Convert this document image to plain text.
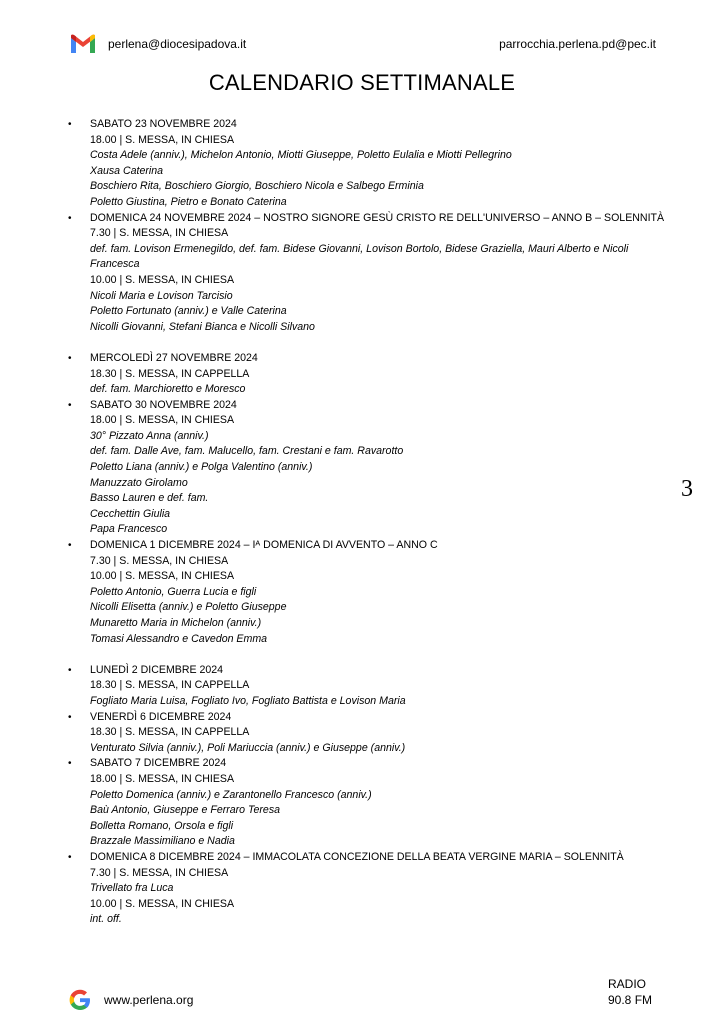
perlena@diocesipadova.it	parrocchia.perlena.pd@pec.it
CALENDARIO SETTIMANALE
•	SABATO 23 NOVEMBRE 2024
18.00 | S. MESSA, IN CHIESA
Costa Adele (anniv.), Michelon Antonio, Miotti Giuseppe, Poletto Eulalia e Miotti Pellegrino
Xausa Caterina
Boschiero Rita, Boschiero Giorgio, Boschiero Nicola e Salbego Erminia
Poletto Giustina, Pietro e Bonato Caterina
•	DOMENICA 24 NOVEMBRE 2024 – NOSTRO SIGNORE GESÙ CRISTO RE DELL'UNIVERSO – ANNO B – SOLENNITÀ
7.30 | S. MESSA, IN CHIESA
def. fam. Lovison Ermenegildo, def. fam. Bidese Giovanni, Lovison Bortolo, Bidese Graziella, Mauri Alberto e Nicoli Francesca
10.00 | S. MESSA, IN CHIESA
Nicoli Maria e Lovison Tarcisio
Poletto Fortunato (anniv.) e Valle Caterina
Nicolli Giovanni, Stefani Bianca e Nicolli Silvano
•	MERCOLEDÌ 27 NOVEMBRE 2024
18.30 | S. MESSA, IN CAPPELLA
def. fam. Marchioretto e Moresco
•	SABATO 30 NOVEMBRE 2024
18.00 | S. MESSA, IN CHIESA
30° Pizzato Anna (anniv.)
def. fam. Dalle Ave, fam. Malucello, fam. Crestani e fam. Ravarotto
Poletto Liana (anniv.) e Polga Valentino (anniv.)
Manuzzato Girolamo
Basso Lauren e def. fam.
Cecchettin Giulia
Papa Francesco
•	DOMENICA 1 DICEMBRE 2024 – Iᴬ DOMENICA DI AVVENTO – ANNO C
7.30 | S. MESSA, IN CHIESA
10.00 | S. MESSA, IN CHIESA
Poletto Antonio, Guerra Lucia e figli
Nicolli Elisetta (anniv.) e Poletto Giuseppe
Munaretto Maria in Michelon (anniv.)
Tomasi Alessandro e Cavedon Emma
•	LUNEDÌ 2 DICEMBRE 2024
18.30 | S. MESSA, IN CAPPELLA
Fogliato Maria Luisa, Fogliato Ivo, Fogliato Battista e Lovison Maria
•	VENERDÌ 6 DICEMBRE 2024
18.30 | S. MESSA, IN CAPPELLA
Venturato Silvia (anniv.), Poli Mariuccia (anniv.) e Giuseppe (anniv.)
•	SABATO 7 DICEMBRE 2024
18.00 | S. MESSA, IN CHIESA
Poletto Domenica (anniv.) e Zarantonello Francesco (anniv.)
Baù Antonio, Giuseppe e Ferraro Teresa
Bolletta Romano, Orsola e figli
Brazzale Massimiliano e Nadia
•	DOMENICA 8 DICEMBRE 2024 – IMMACOLATA CONCEZIONE DELLA BEATA VERGINE MARIA – SOLENNITÀ
7.30 | S. MESSA, IN CHIESA
Trivellato fra Luca
10.00 | S. MESSA, IN CHIESA
int. off.
3
www.perlena.org
RADIO
90.8 FM
